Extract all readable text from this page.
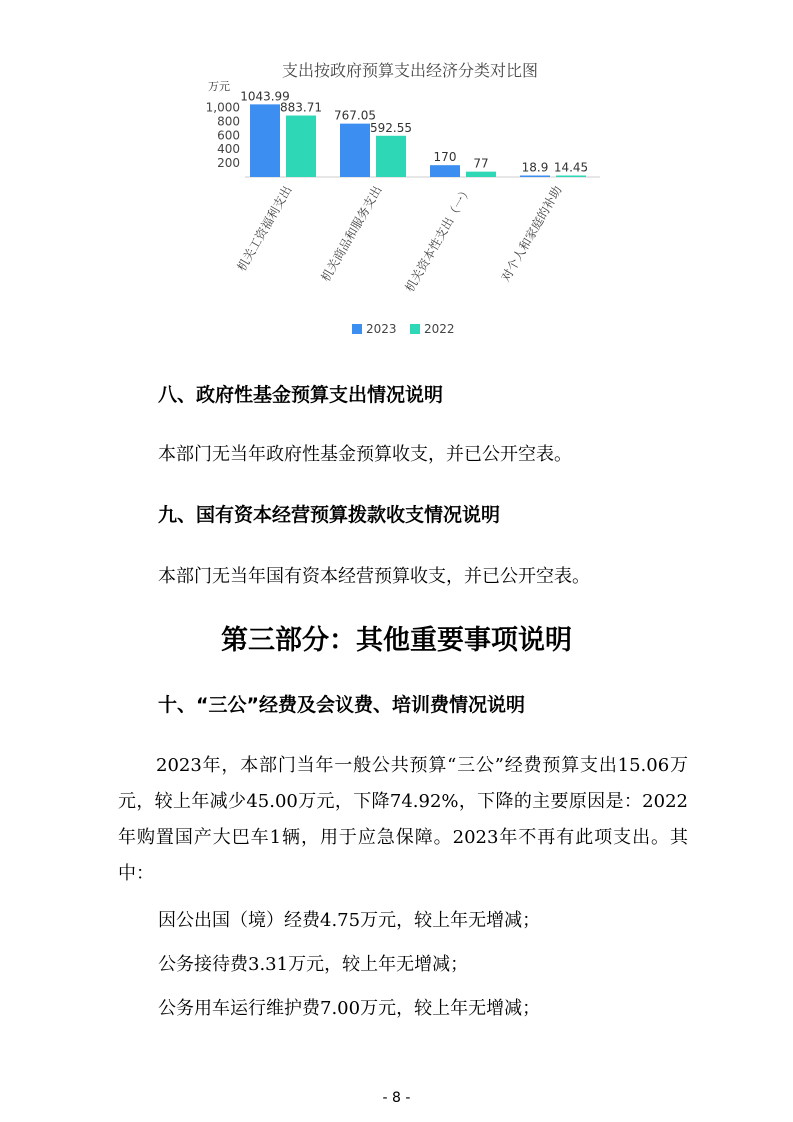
支出按政府预算支出经济分类对比图
万元
200
400
600
800
1,000
1043.99
883.71
767.05
592.55
170 77	18.9 14.45
机关工资福利支出 机关商品和服务支出 机关资本性支出（一） 对个人和家庭的补助
2023 2022
八、政府性基金预算支出情况说明
本部门无当年政府性基金预算收支，并已公开空表。
九、国有资本经营预算拨款收支情况说明
本部门无当年国有资本经营预算收支，并已公开空表。
第三部分：其他重要事项说明
十、“三公”经费及会议费、培训费情况说明
2023年，本部门当年一般公共预算“三公”经费预算支出15.06万元，较上年减少45.00万元，下降74.92%，下降的主要原因是：2022年购置国产大巴车1辆，用于应急保障。2023年不再有此项支出。其中：
因公出国（境）经费4.75万元，较上年无增减；
公务接待费3.31万元，较上年无增减；
公务用车运行维护费7.00万元，较上年无增减；
- 8 -
